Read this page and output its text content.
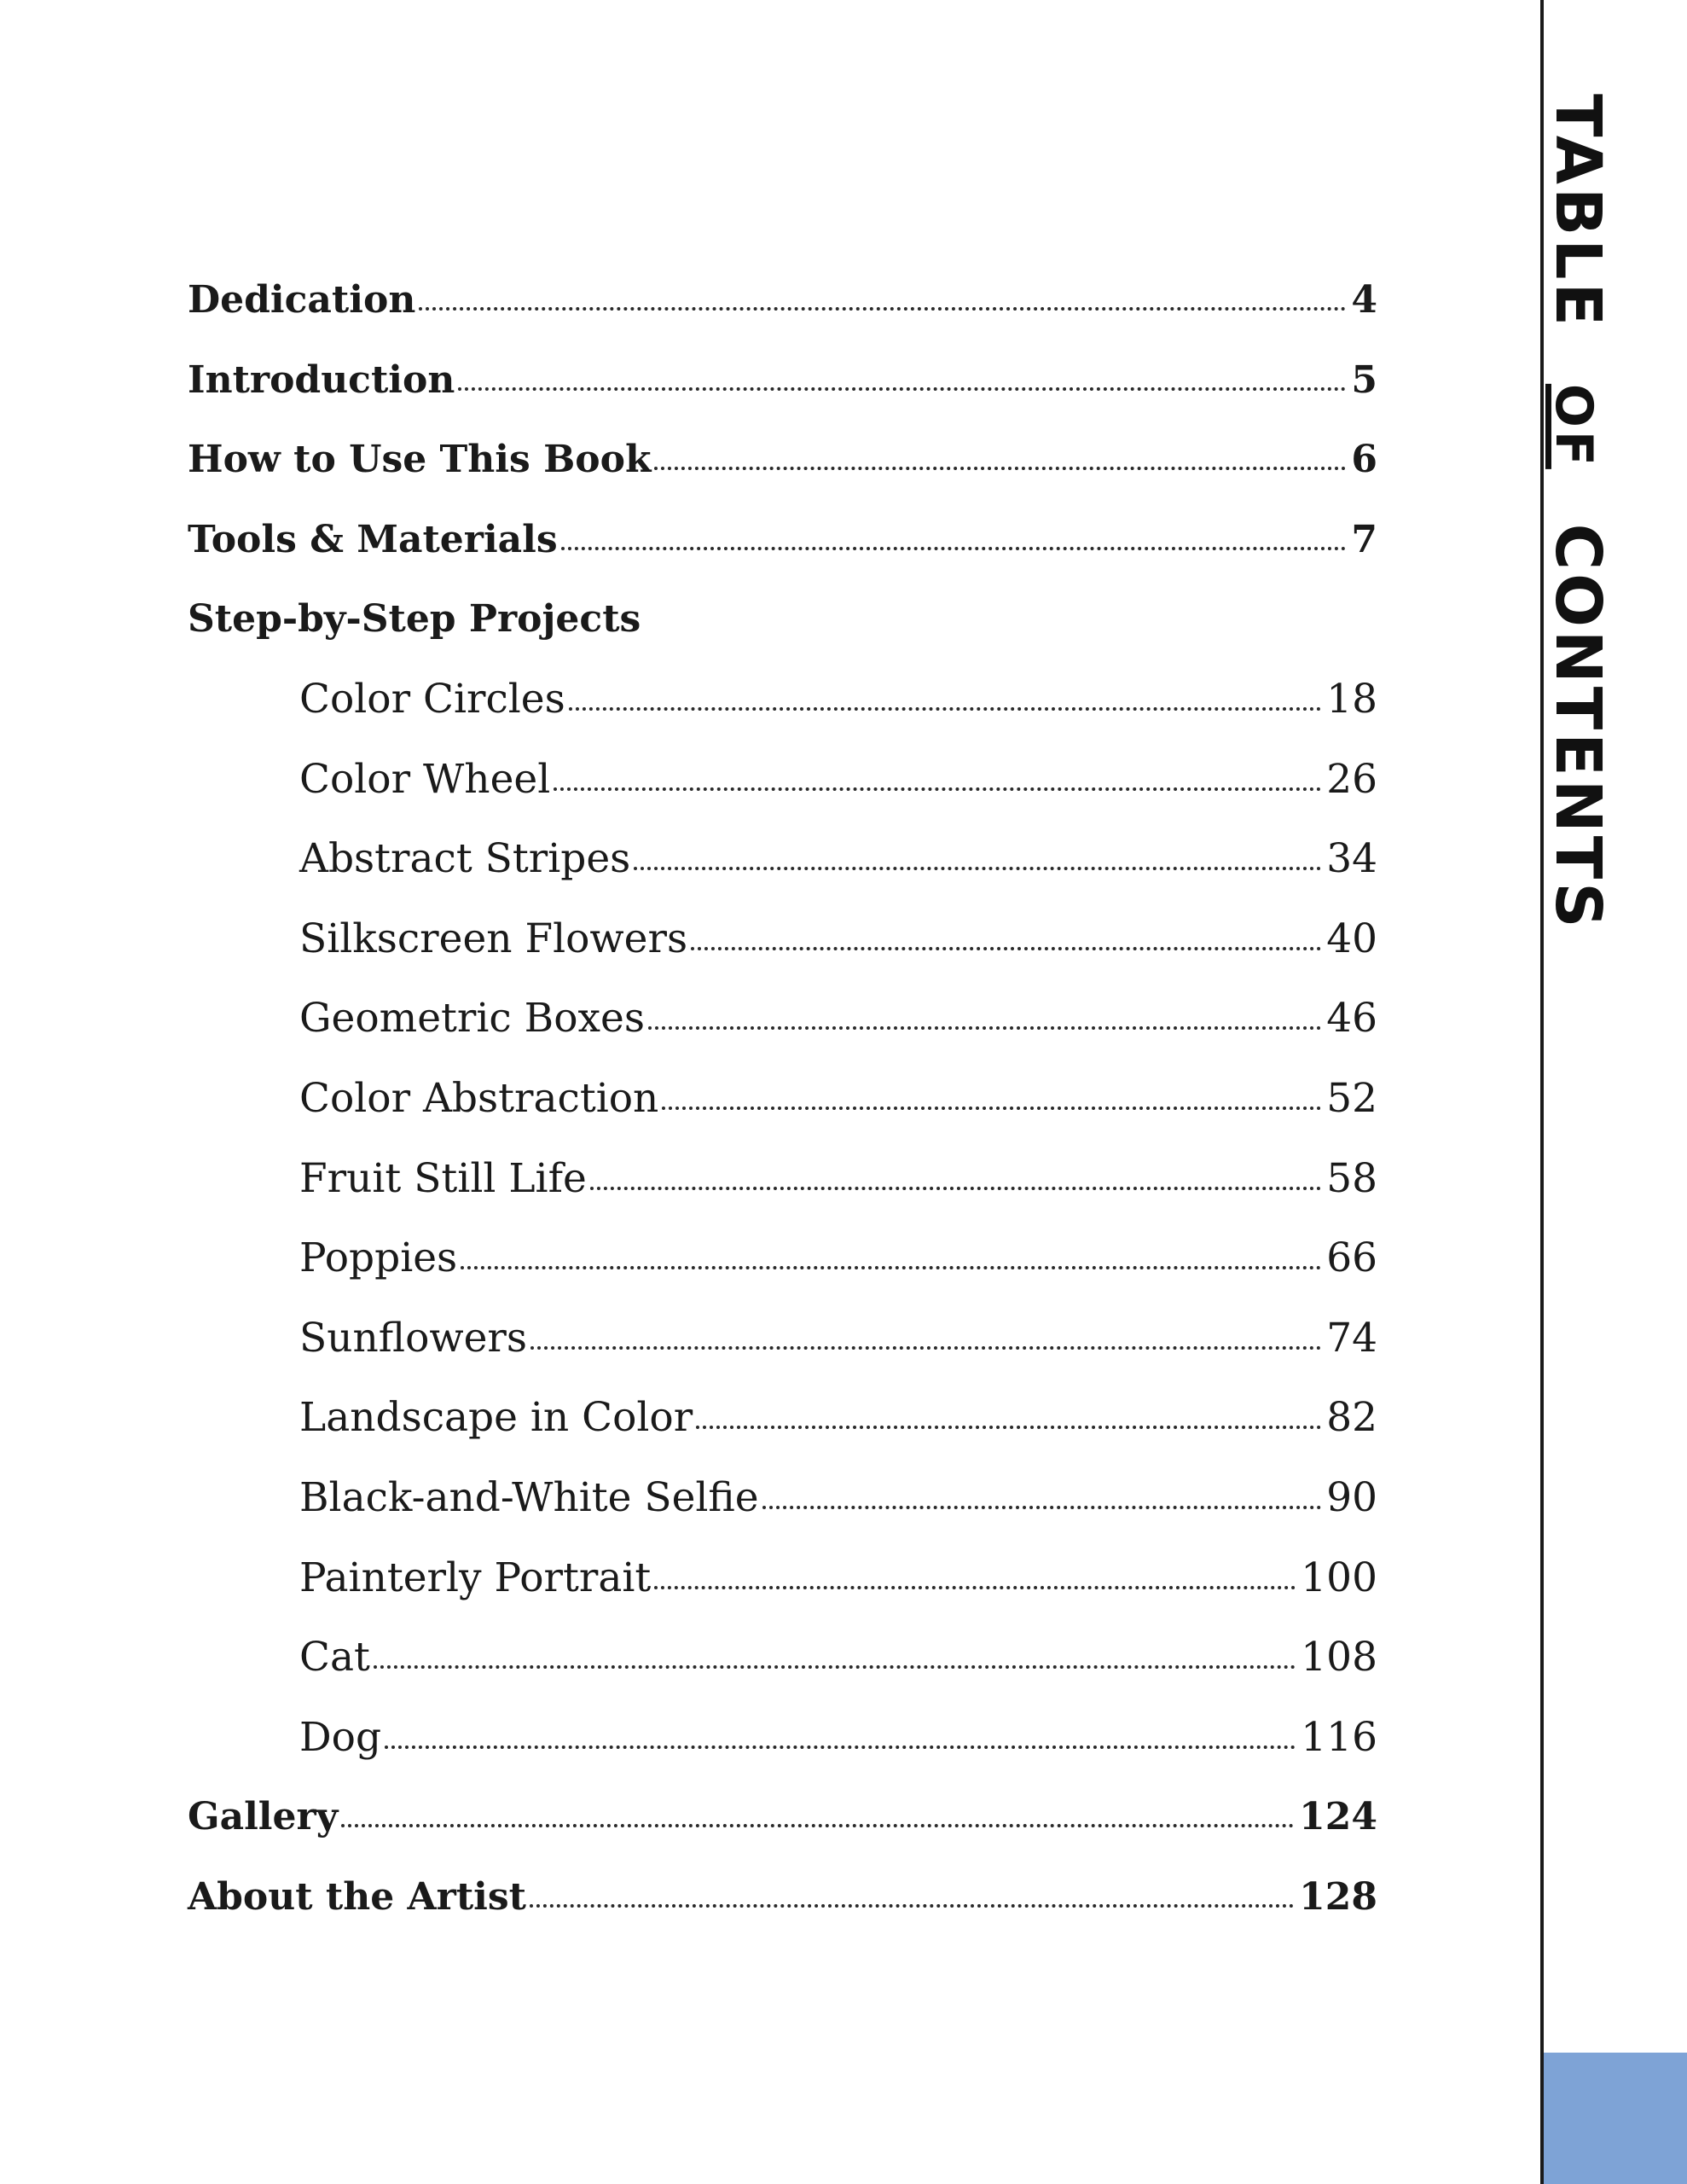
Dedication	4
Introduction	5
How to Use This Book	6
Tools & Materials	7
Step-by-Step Projects
Color Circles	18
Color Wheel	26
Abstract Stripes	34
Silkscreen Flowers	40
Geometric Boxes	46
Color Abstraction	52
Fruit Still Life	58
Poppies	66
Sunflowers	74
Landscape in Color	82
Black-and-White Selfie	90
Painterly Portrait	100
Cat	108
Dog	116
Gallery	124
About the Artist	128
TABLE OF CONTENTS
